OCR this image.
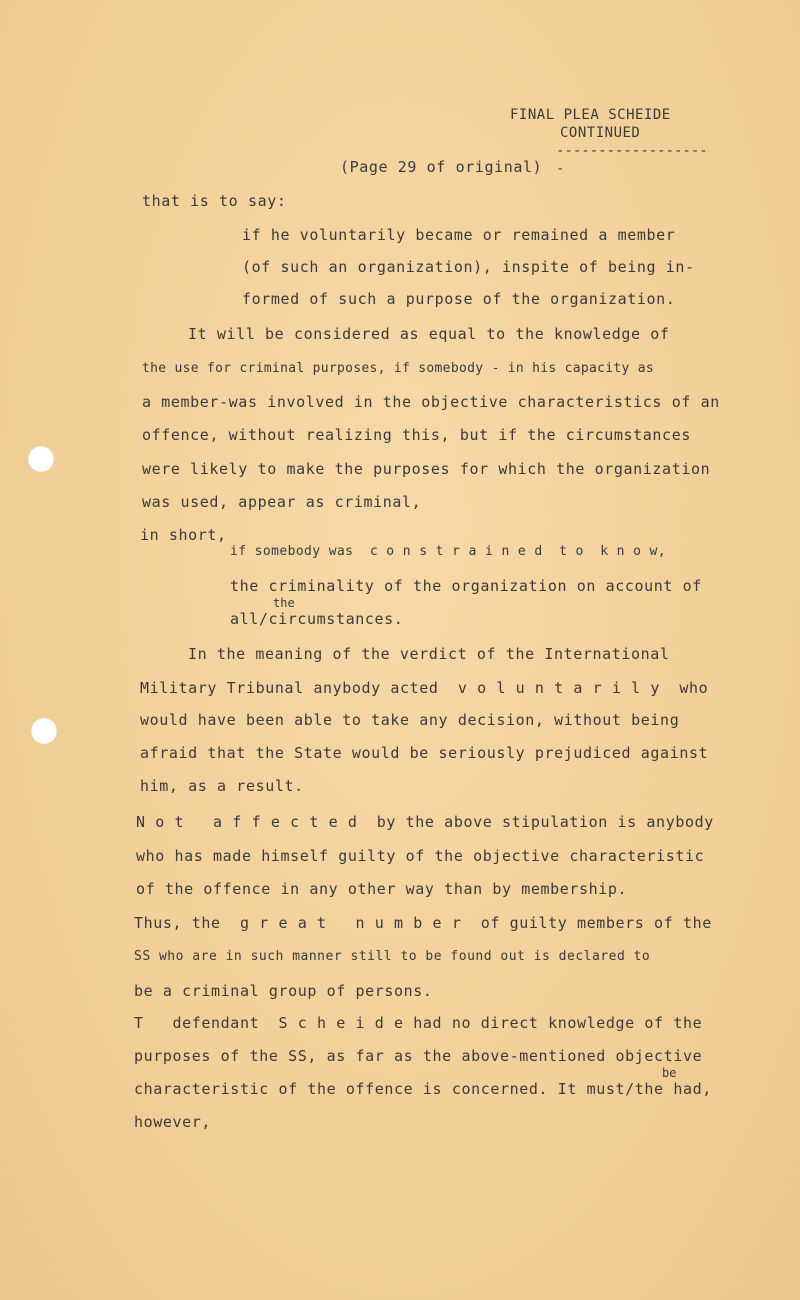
FINAL PLEA SCHEIDE
CONTINUED
-------------------
(Page 29 of original)
that is to say:
if he voluntarily became or remained a member
(of such an organization), inspite of being in-
formed of such a purpose of the organization.
It will be considered as equal to the knowledge of
the use for criminal purposes, if somebody - in his capacity as
a member-was involved in the objective characteristics of an
offence, without realizing this, but if the circumstances
were likely to make the purposes for which the organization
was used, appear as criminal,
in short,
if somebody was  c o n s t r a i n e d  t o  k n o w,
the criminality of the organization on account of
the
all/circumstances.
In the meaning of the verdict of the International
Military Tribunal anybody acted  v o l u n t a r i l y  who
would have been able to take any decision, without being
afraid that the State would be seriously prejudiced against
him, as a result.
N o t   a f f e c t e d  by the above stipulation is anybody
who has made himself guilty of the objective characteristic
of the offence in any other way than by membership.
Thus, the  g r e a t   n u m b e r  of guilty members of the
SS who are in such manner still to be found out is declared to
be a criminal group of persons.
T   defendant  S c h e i d e had no direct knowledge of the
purposes of the SS, as far as the above-mentioned objective
be
characteristic of the offence is concerned. It must/the had,
however,
